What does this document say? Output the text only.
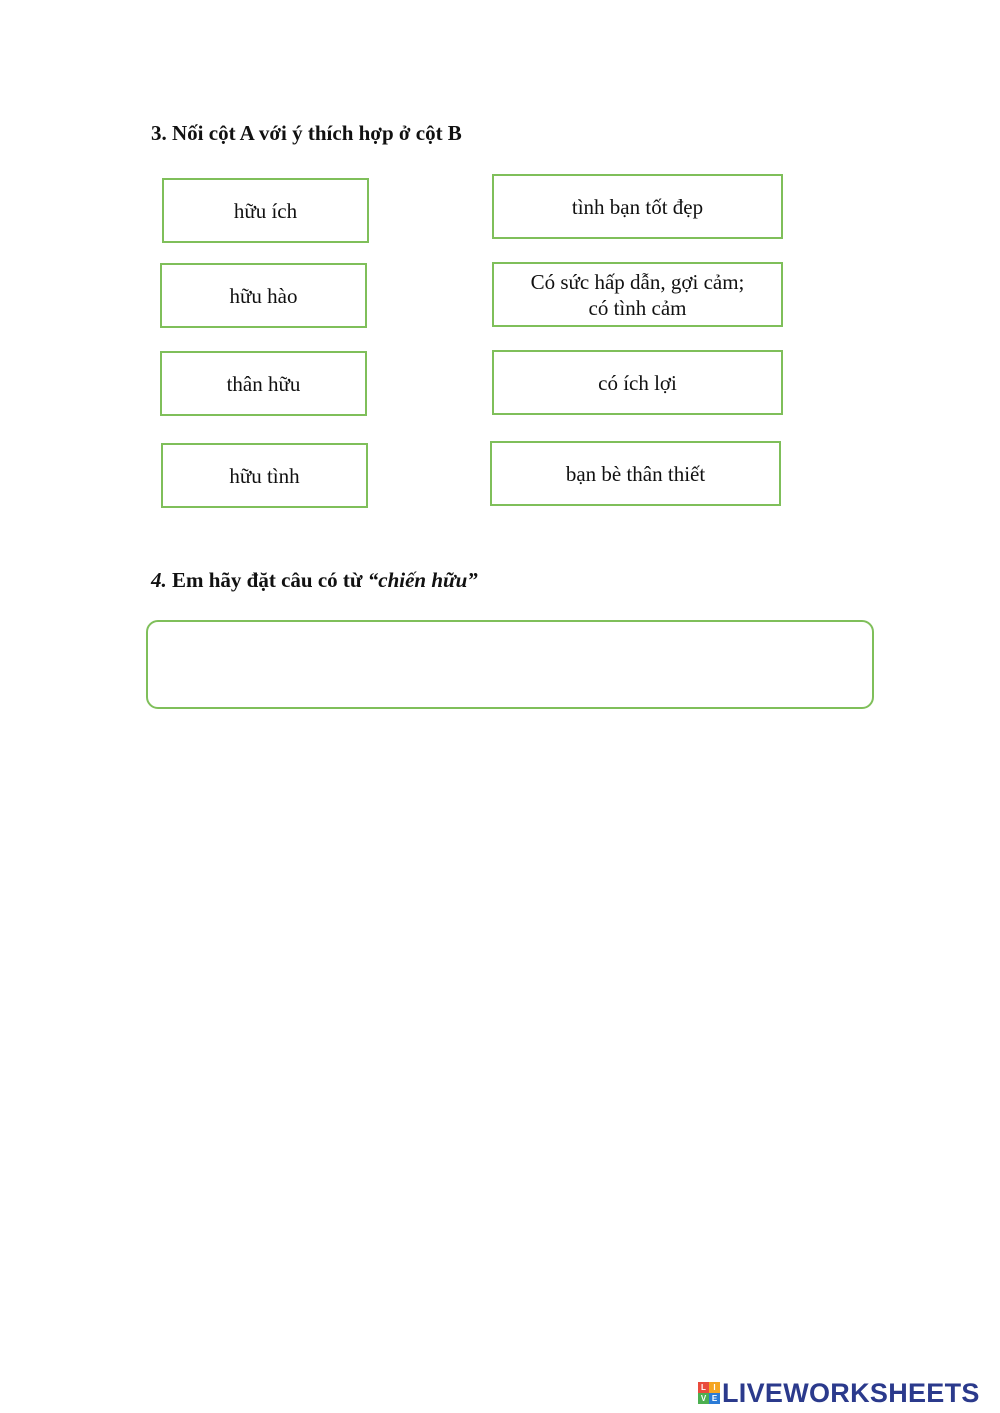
3. Nối cột A với ý thích hợp ở cột B
hữu ích
hữu hào
thân hữu
hữu tình
tình bạn tốt đẹp
Có sức hấp dẫn, gợi cảm;
có tình cảm
có ích lợi
bạn bè thân thiết
4. Em hãy đặt câu có từ “chiến hữu”
L I
V E LIVEWORKSHEETS
